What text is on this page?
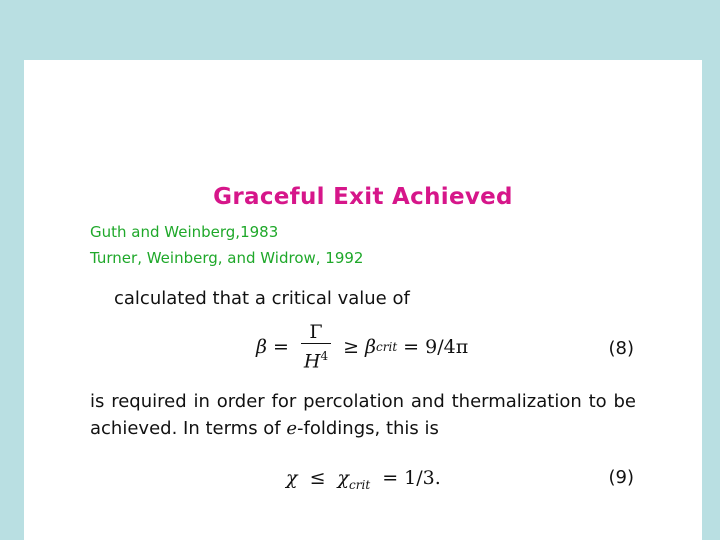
Graceful Exit Achieved
Guth and Weinberg,1983
Turner, Weinberg, and Widrow, 1992
calculated that a critical value of
$\beta = \frac{\Gamma}{H^4} \ge \beta$ crit = 9/4π	(8)
is required in order for percolation and thermalization to be achieved. In terms of e-foldings, this is
$\chi \le \chi_{crit} = 1/3$.	(9)
